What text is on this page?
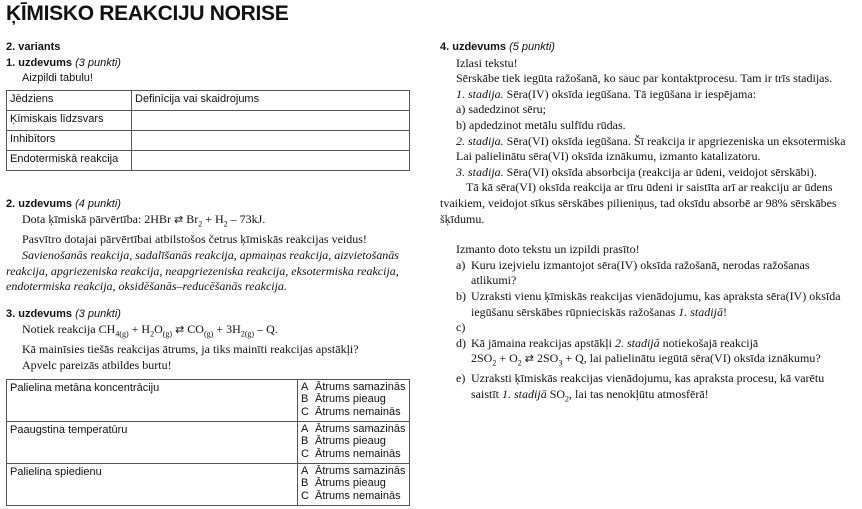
ĶĪMISKO REAKCIJU NORISE
2. variants
1. uzdevums (3 punkti)
Aizpildi tabulu!
Jēdziens	Definīcija vai skaidrojums
Ķīmiskais līdzsvars	
Inhibītors	
Endotermiskā reakcija	
2. uzdevums (4 punkti)
Dota ķīmiskā pārvērtība: 2HBr ⇄ $Br_2 + H_2 - 73kJ$.
Pasvītro dotajai pārvērtībai atbilstošos četrus ķīmiskās reakcijas veidus!
Savienošanās reakcija, sadalīšanās reakcija, apmaiņas reakcija, aizvietošanās
reakcija, apgriezeniska reakcija, neapgriezeniska reakcija, eksotermiska reakcija,
endotermiska reakcija, oksidēšanās–reducēšanās reakcija.
3. uzdevums (3 punkti)
Notiek reakcija $CH_{4(g)} + H_2O_{(g)}$ ⇄ $CO_{(g)} + 3H_{2(g)} - Q$.
Kā mainīsies tiešās reakcijas ātrums, ja tiks mainīti reakcijas apstākļi?
Apvelc pareizās atbildes burtu!
Palielina metāna koncentrāciju	A Ātrums samazinās
B Ātrums pieaug
C Ātrums nemainās

Paaugstina temperatūru	A Ātrums samazinās
B Ātrums pieaug
C Ātrums nemainās

Palielina spiedienu	A Ātrums samazinās
B Ātrums pieaug
C Ātrums nemainās
4. uzdevums (5 punkti)
Izlasi tekstu!
Sērskābe tiek iegūta ražošanā, ko sauc par kontaktprocesu. Tam ir trīs stadijas.
1. stadija. Sēra(IV) oksīda iegūšana. Tā iegūšana ir iespējama:
a) sadedzinot sēru;
b) apdedzinot metālu sulfīdu rūdas.
2. stadija. Sēra(VI) oksīda iegūšana. Šī reakcija ir apgriezeniska un eksotermiska
Lai palielinātu sēra(VI) oksīda iznākumu, izmanto katalizatoru.
3. stadija. Sēra(VI) oksīda absorbcija (reakcija ar ūdeni, veidojot sērskābi).
Tā kā sēra(VI) oksīda reakcija ar tīru ūdeni ir saistīta arī ar reakciju ar ūdens
tvaikiem, veidojot sīkus sērskābes pilieniņus, tad oksīdu absorbē ar 98% sērskābes
šķīdumu.
Izmanto doto tekstu un izpildi prasīto!
a) Kuru izejvielu izmantojot sēra(IV) oksīda ražošanā, nerodas ražošanas
atlikumi?
b) Uzraksti vienu ķīmiskās reakcijas vienādojumu, kas apraksta sēra(IV) oksīda
iegūšanu sērskābes rūpnieciskās ražošanas 1. stadijā!
c)
d) Kā jāmaina reakcijas apstākļi 2. stadijā notiekošajā reakcijā
$2SO_2 + O_2$ ⇄ $2SO_3 + Q$, lai palielinātu iegūtā sēra(VI) oksīda iznākumu?
e) Uzraksti ķīmiskās reakcijas vienādojumu, kas apraksta procesu, kā varētu
saistīt 1. stadijā $SO_2$, lai tas nenokļūtu atmosfērā!
